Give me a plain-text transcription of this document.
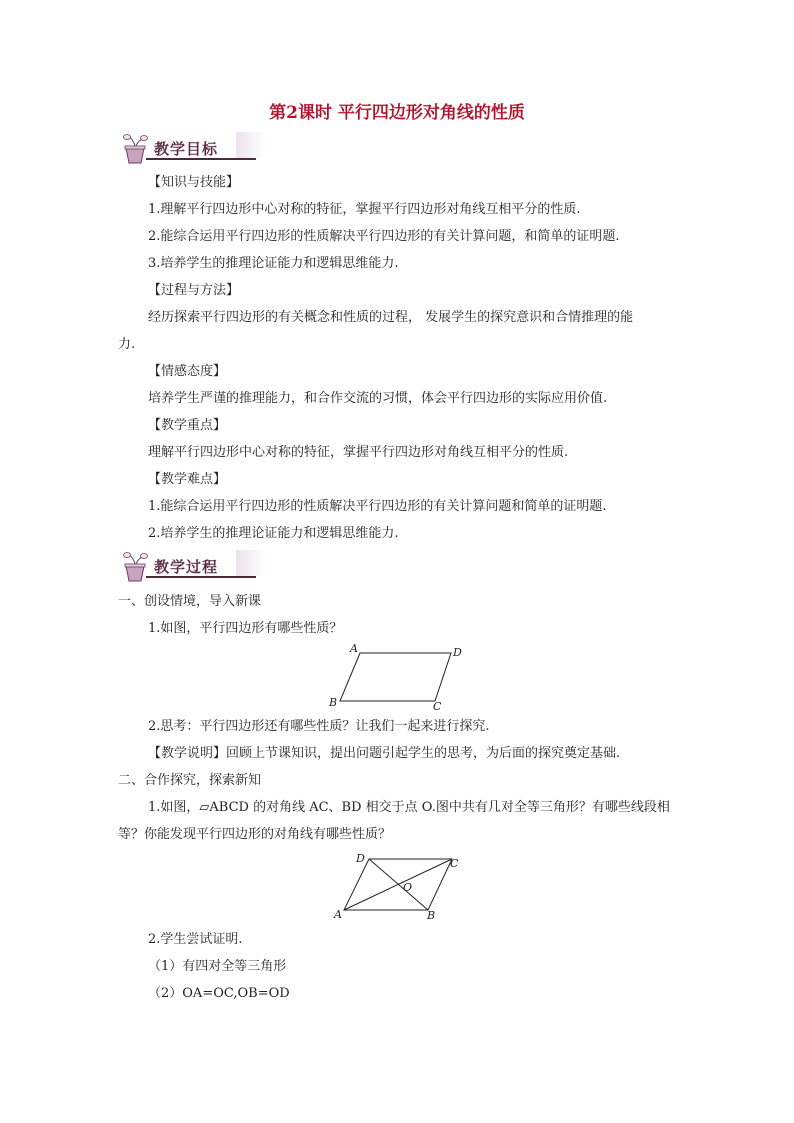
第2课时 平行四边形对角线的性质
教学目标
【知识与技能】
1.理解平行四边形中心对称的特征，掌握平行四边形对角线互相平分的性质.
2.能综合运用平行四边形的性质解决平行四边形的有关计算问题，和简单的证明题.
3.培养学生的推理论证能力和逻辑思维能力.
【过程与方法】
经历探索平行四边形的有关概念和性质的过程， 发展学生的探究意识和合情推理的能
力.
【情感态度】
培养学生严谨的推理能力，和合作交流的习惯，体会平行四边形的实际应用价值.
【教学重点】
理解平行四边形中心对称的特征，掌握平行四边形对角线互相平分的性质.
【教学难点】
1.能综合运用平行四边形的性质解决平行四边形的有关计算问题和简单的证明题.
2.培养学生的推理论证能力和逻辑思维能力.
教学过程
一、创设情境，导入新课
1.如图，平行四边形有哪些性质？
A	D
B	C
2.思考：平行四边形还有哪些性质？让我们一起来进行探究.
【教学说明】回顾上节课知识，提出问题引起学生的思考，为后面的探究奠定基础.
二、合作探究，探索新知
1.如图，▱ABCD 的对角线 AC、BD 相交于点 O.图中共有几对全等三角形？有哪些线段相
等？你能发现平行四边形的对角线有哪些性质？
D	C
A	B
O
2.学生尝试证明.
（1）有四对全等三角形
（2）OA=OC,OB=OD
